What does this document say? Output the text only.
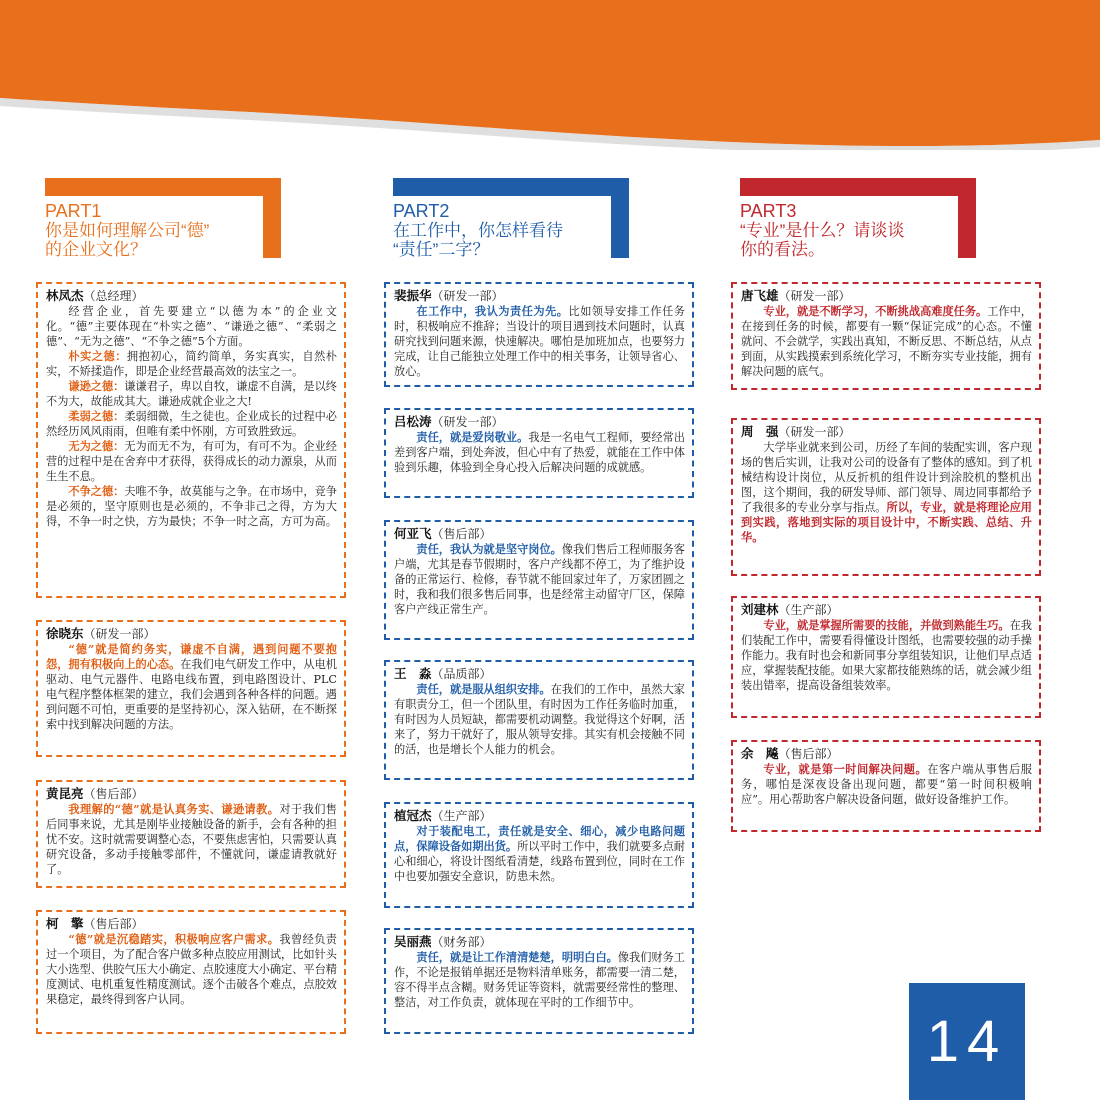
PART1
你是如何理解公司“德”
的企业文化？
PART2
在工作中，你怎样看待
“责任”二字？
PART3
“专业”是什么？请谈谈
你的看法。

林凤杰（总经理）

经营企业，首先要建立“以德为本”的企业文化。“德”主要体现在“朴实之德”、“谦逊之德”、“柔弱之德”、“无为之德”、“不争之德”5个方面。

朴实之德：拥抱初心，简约简单，务实真实，自然朴实，不矫揉造作，即是企业经营最高效的法宝之一。

谦逊之德：谦谦君子，卑以自牧，谦虚不自满，是以终不为大，故能成其大。谦逊成就企业之大!

柔弱之德：柔弱细微，生之徒也。企业成长的过程中必然经历风风雨雨，但唯有柔中怀刚，方可致胜致远。

无为之德：无为而无不为，有可为，有可不为。企业经营的过程中是在舍弃中才获得，获得成长的动力源泉，从而生生不息。

不争之德：夫唯不争，故莫能与之争。在市场中，竞争是必须的，坚守原则也是必须的，不争非己之得，方为大得，不争一时之快，方为最快；不争一时之高，方可为高。

徐晓东（研发一部）

“德”就是简约务实，谦虚不自满，遇到问题不要抱怨，拥有积极向上的心态。在我们电气研发工作中，从电机驱动、电气元器件、电路电线布置，到电路图设计、PLC电气程序整体框架的建立，我们会遇到各种各样的问题。遇到问题不可怕，更重要的是坚持初心，深入钻研，在不断探索中找到解决问题的方法。

黄昆亮（售后部）

我理解的“德”就是认真务实、谦逊请教。对于我们售后同事来说，尤其是刚毕业接触设备的新手，会有各种的担忧不安。这时就需要调整心态，不要焦虑害怕，只需要认真研究设备，多动手接触零部件，不懂就问，谦虚请教就好了。

柯　擎（售后部）

“德”就是沉稳踏实，积极响应客户需求。我曾经负责过一个项目，为了配合客户做多种点胶应用测试，比如针头大小选型、供胶气压大小确定、点胶速度大小确定、平台精度测试、电机重复性精度测试。逐个击破各个难点，点胶效果稳定，最终得到客户认同。

裴振华（研发一部）

在工作中，我认为责任为先。比如领导安排工作任务时，积极响应不推辞；当设计的项目遇到技术问题时，认真研究找到问题来源，快速解决。哪怕是加班加点，也要努力完成，让自己能独立处理工作中的相关事务，让领导省心、放心。

吕松涛（研发一部）

责任，就是爱岗敬业。我是一名电气工程师，要经常出差到客户端，到处奔波，但心中有了热爱，就能在工作中体验到乐趣，体验到全身心投入后解决问题的成就感。

何亚飞（售后部）

责任，我认为就是坚守岗位。像我们售后工程师服务客户端，尤其是春节假期时，客户产线都不停工，为了维护设备的正常运行、检修，春节就不能回家过年了，万家团圆之时，我和我们很多售后同事，也是经常主动留守厂区，保障客户产线正常生产。

王　淼（品质部）

责任，就是服从组织安排。在我们的工作中，虽然大家有职责分工，但一个团队里，有时因为工作任务临时加重，有时因为人员短缺，都需要机动调整。我觉得这个好啊，活来了，努力干就好了，服从领导安排。其实有机会接触不同的活，也是增长个人能力的机会。

植冠杰（生产部）

对于装配电工，责任就是安全、细心，减少电路问题点，保障设备如期出货。所以平时工作中，我们就要多点耐心和细心，将设计图纸看清楚，线路布置到位，同时在工作中也要加强安全意识，防患未然。

吴丽燕（财务部）

责任，就是让工作清清楚楚，明明白白。像我们财务工作，不论是报销单据还是物料清单账务，都需要一清二楚，容不得半点含糊。财务凭证等资料，就需要经常性的整理、整洁，对工作负责，就体现在平时的工作细节中。

唐飞雄（研发一部）

专业，就是不断学习，不断挑战高难度任务。工作中，在接到任务的时候，都要有一颗“保证完成”的心态。不懂就问、不会就学，实践出真知，不断反思、不断总结，从点到面，从实践摸索到系统化学习，不断夯实专业技能，拥有解决问题的底气。

周　强（研发一部）

大学毕业就来到公司，历经了车间的装配实训，客户现场的售后实训，让我对公司的设备有了整体的感知。到了机械结构设计岗位，从反折机的组件设计到涂胶机的整机出图，这个期间，我的研发导师、部门领导、周边同事都给予了我很多的专业分享与指点。所以，专业，就是将理论应用到实践，落地到实际的项目设计中，不断实践、总结、升华。

刘建林（生产部）

专业，就是掌握所需要的技能，并做到熟能生巧。在我们装配工作中，需要看得懂设计图纸，也需要较强的动手操作能力。我有时也会和新同事分享组装知识，让他们早点适应，掌握装配技能。如果大家都技能熟练的话，就会减少组装出错率，提高设备组装效率。

余　飚（售后部）

专业，就是第一时间解决问题。在客户端从事售后服务，哪怕是深夜设备出现问题，都要“第一时间积极响应”。用心帮助客户解决设备问题，做好设备维护工作。

14
